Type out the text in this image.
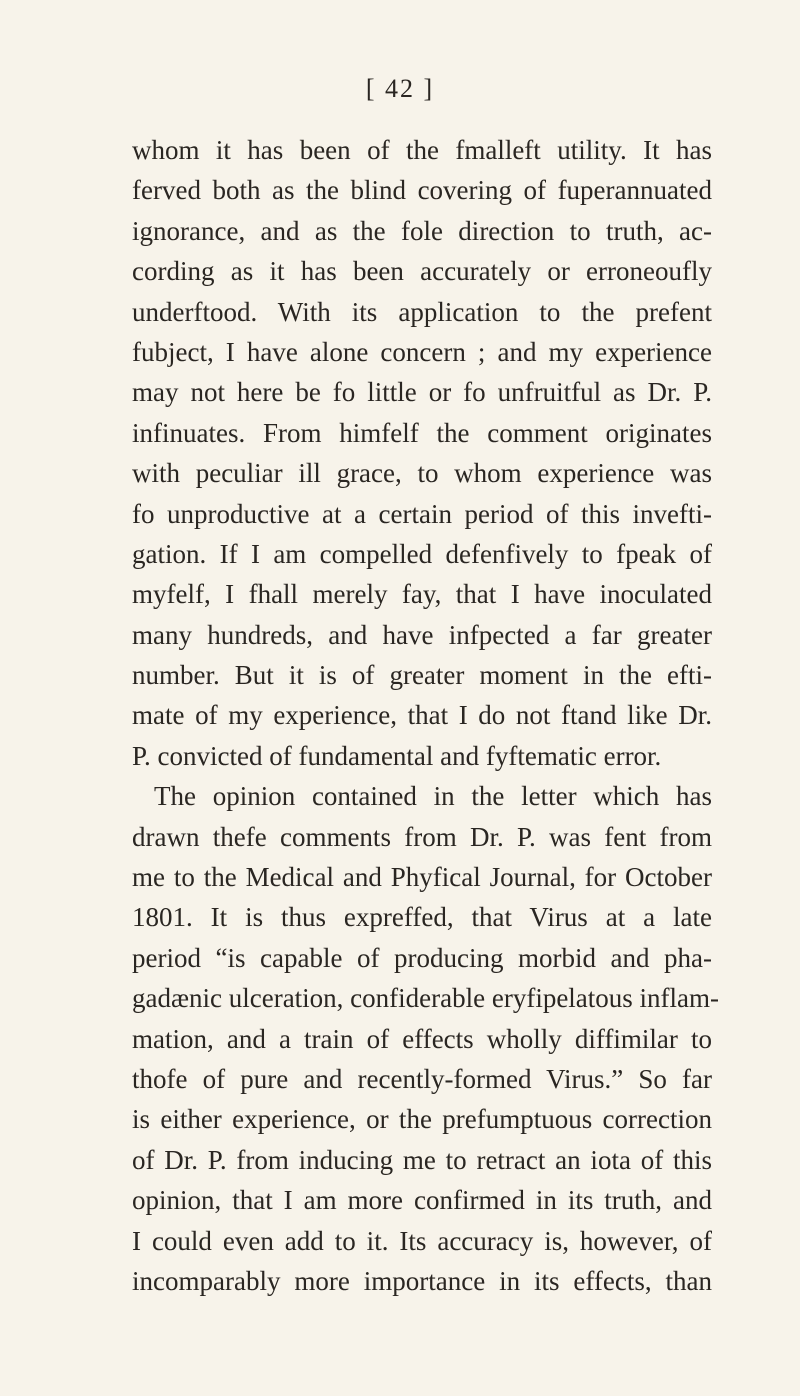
[ 42 ]
whom it has been of the fmalleft utility. It has
ferved both as the blind covering of fuperannuated
ignorance, and as the fole direction to truth, ac-
cording as it has been accurately or erroneoufly
underftood. With its application to the prefent
fubject, I have alone concern ; and my experience
may not here be fo little or fo unfruitful as Dr. P.
infinuates. From himfelf the comment originates
with peculiar ill grace, to whom experience was
fo unproductive at a certain period of this invefti-
gation. If I am compelled defenfively to fpeak of
myfelf, I fhall merely fay, that I have inoculated
many hundreds, and have infpected a far greater
number. But it is of greater moment in the efti-
mate of my experience, that I do not ftand like Dr.
P. convicted of fundamental and fyftematic error.
The opinion contained in the letter which has
drawn thefe comments from Dr. P. was fent from
me to the Medical and Phyfical Journal, for October
1801. It is thus expreffed, that Virus at a late
period “is capable of producing morbid and pha-
gadænic ulceration, confiderable eryfipelatous inflam-
mation, and a train of effects wholly diffimilar to
thofe of pure and recently-formed Virus.” So far
is either experience, or the prefumptuous correction
of Dr. P. from inducing me to retract an iota of this
opinion, that I am more confirmed in its truth, and
I could even add to it. Its accuracy is, however, of
incomparably more importance in its effects, than
